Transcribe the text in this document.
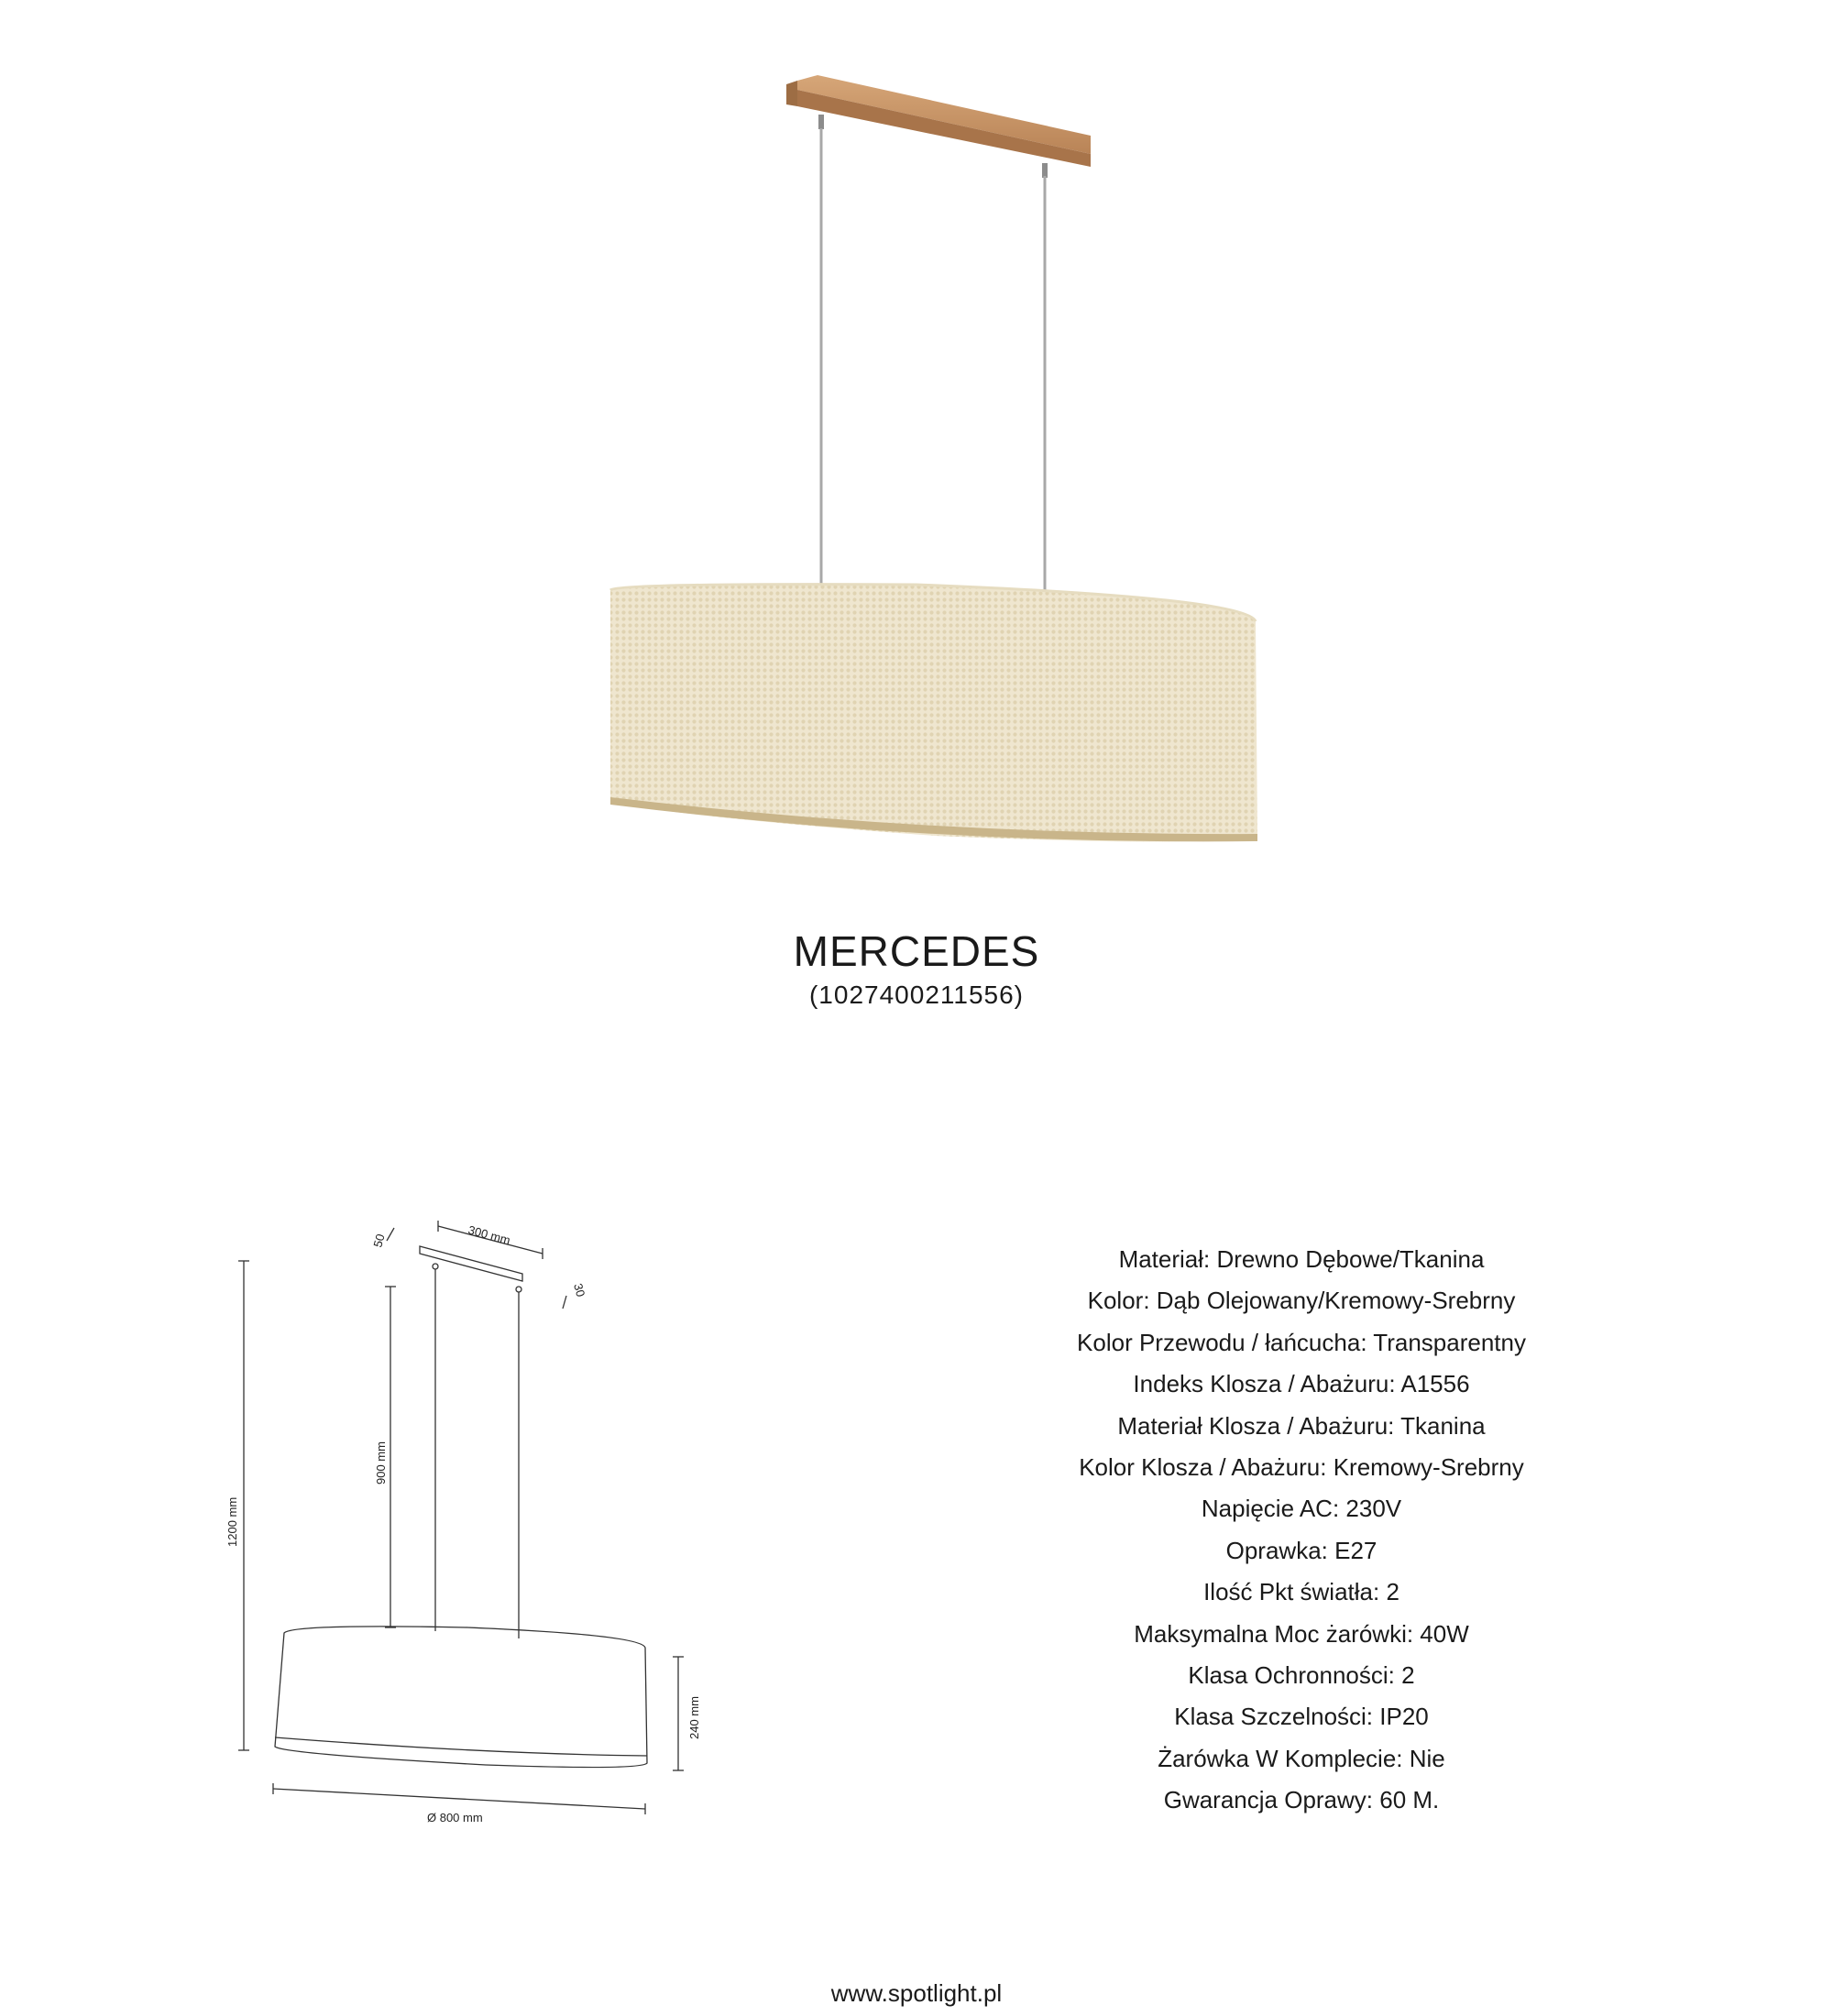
MERCEDES
(1027400211556)
300 mm
50
30
900 mm
1200 mm
240 mm
Ø 800 mm
Materiał: Drewno Dębowe/Tkanina
Kolor: Dąb Olejowany/Kremowy-Srebrny
Kolor Przewodu / łańcucha: Transparentny
Indeks Klosza / Abażuru: A1556
Materiał Klosza / Abażuru: Tkanina
Kolor Klosza / Abażuru: Kremowy-Srebrny
Napięcie AC: 230V
Oprawka: E27
Ilość Pkt światła: 2
Maksymalna Moc żarówki: 40W
Klasa Ochronności: 2
Klasa Szczelności: IP20
Żarówka W Komplecie: Nie
Gwarancja Oprawy: 60 M.
www.spotlight.pl
